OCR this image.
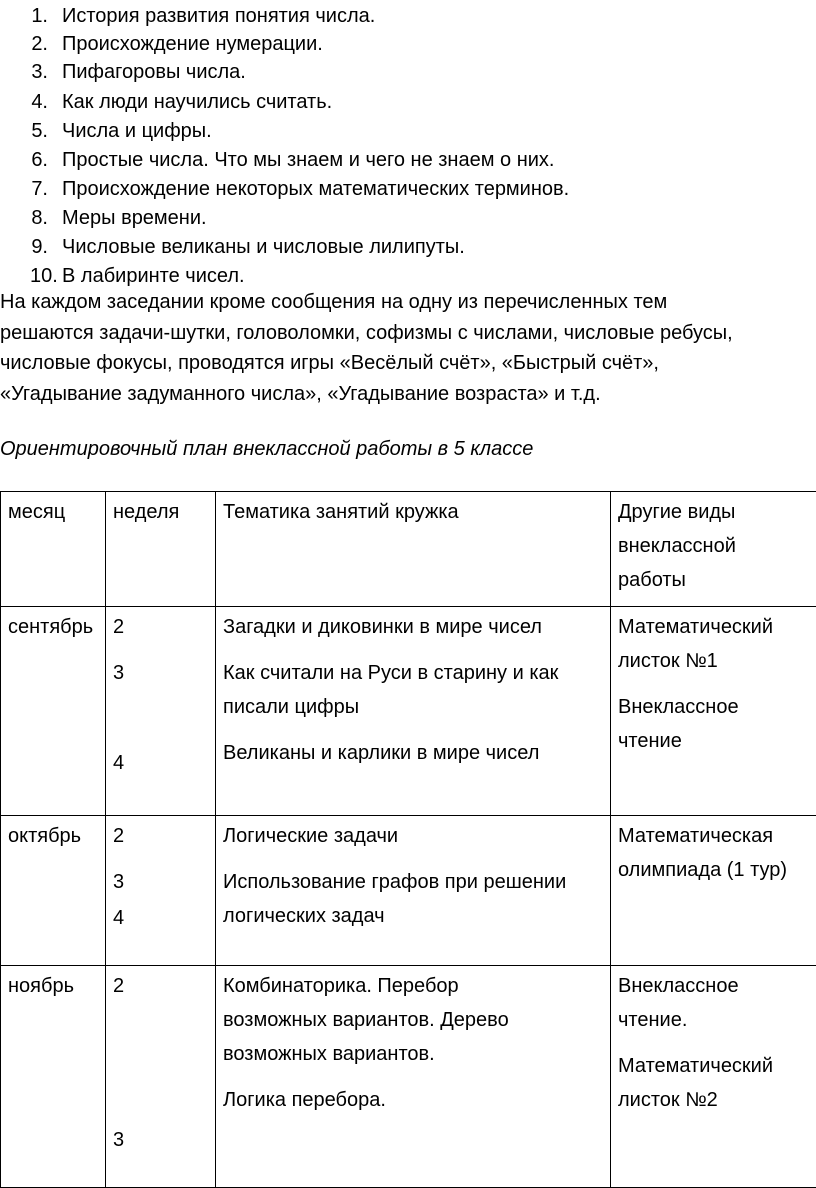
1. История развития понятия числа.
2. Происхождение нумерации.
3. Пифагоровы числа.
4. Как люди научились считать.
5. Числа и цифры.
6. Простые числа. Что мы знаем и чего не знаем о них.
7. Происхождение некоторых математических терминов.
8. Меры времени.
9. Числовые великаны и числовые лилипуты.
10. В лабиринте чисел.

На каждом заседании кроме сообщения на одну из перечисленных тем
решаются задачи-шутки, головоломки, софизмы с числами, числовые ребусы,
числовые фокусы, проводятся игры «Весёлый счёт», «Быстрый счёт»,
«Угадывание задуманного числа», «Угадывание возраста» и т.д.

Ориентировочный план внеклассной работы в 5 классе

месяц	неделя	Тематика занятий кружка	Другие виды
внеклассной
работы

сентябрь	2
3
4	Загадки и диковинки в мире чисел
Как считали на Руси в старину и как
писали цифры
Великаны и карлики в мире чисел	Математический
листок №1
Внеклассное
чтение

октябрь	2
3
4	Логические задачи
Использование графов при решении
логических задач	Математическая
олимпиада (1 тур)

ноябрь	2
3	Комбинаторика. Перебор
возможных вариантов. Дерево
возможных вариантов.
Логика перебора.	Внеклассное
чтение.
Математический
листок №2
